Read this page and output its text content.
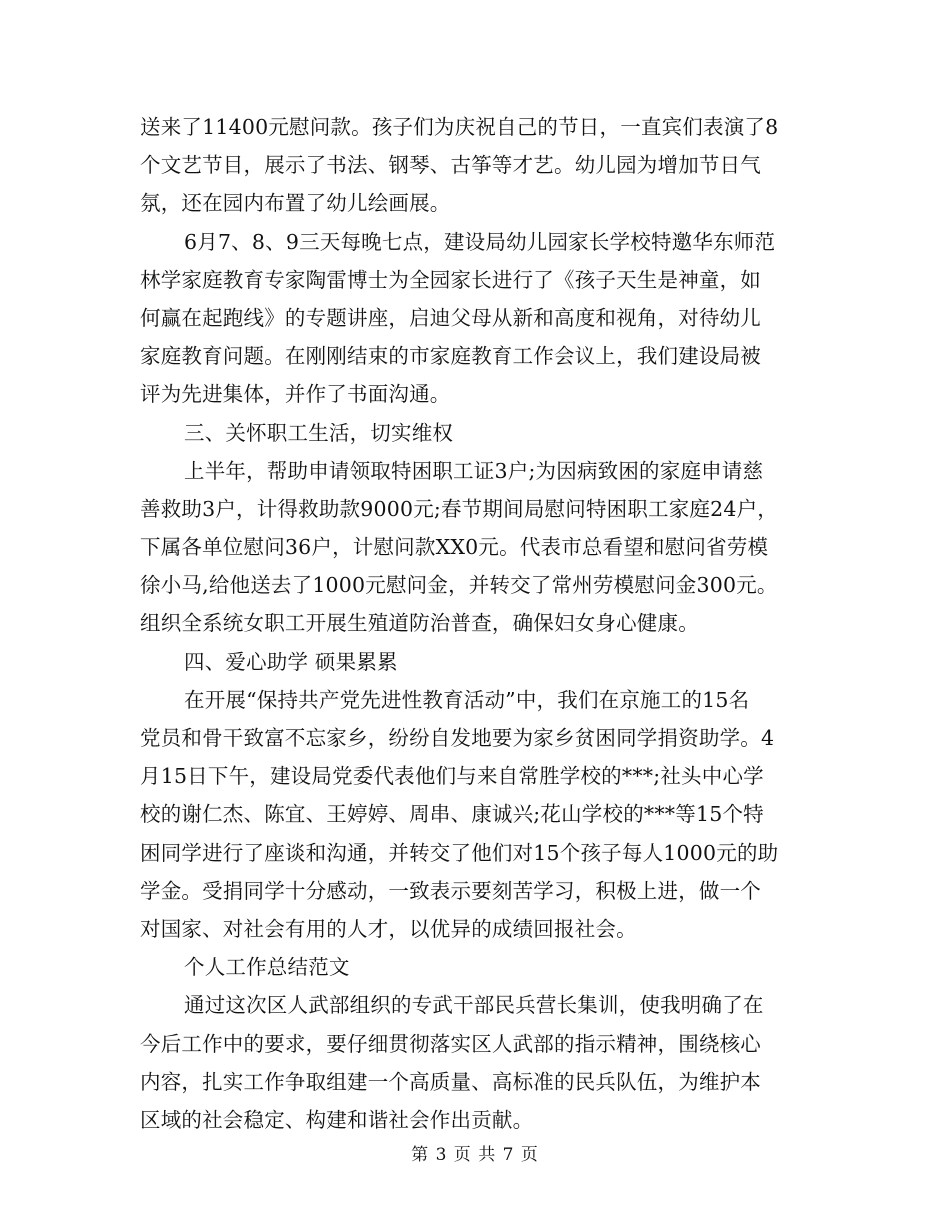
送来了11400元慰问款。孩子们为庆祝自己的节日，一直宾们表演了8
个文艺节目，展示了书法、钢琴、古筝等才艺。幼儿园为增加节日气
氛，还在园内布置了幼儿绘画展。
6月7、8、9三天每晚七点，建设局幼儿园家长学校特邀华东师范
林学家庭教育专家陶雷博士为全园家长进行了《孩子天生是神童，如
何赢在起跑线》的专题讲座，启迪父母从新和高度和视角，对待幼儿
家庭教育问题。在刚刚结束的市家庭教育工作会议上，我们建设局被
评为先进集体，并作了书面沟通。
三、关怀职工生活，切实维权
上半年，帮助申请领取特困职工证3户;为因病致困的家庭申请慈
善救助3户，计得救助款9000元;春节期间局慰问特困职工家庭24户，
下属各单位慰问36户，计慰问款XX0元。代表市总看望和慰问省劳模
徐小马,给他送去了1000元慰问金，并转交了常州劳模慰问金300元。
组织全系统女职工开展生殖道防治普查，确保妇女身心健康。
四、爱心助学 硕果累累
在开展“保持共产党先进性教育活动”中，我们在京施工的15名
党员和骨干致富不忘家乡，纷纷自发地要为家乡贫困同学捐资助学。4
月15日下午，建设局党委代表他们与来自常胜学校的***;社头中心学
校的谢仁杰、陈宜、王婷婷、周串、康诚兴;花山学校的***等15个特
困同学进行了座谈和沟通，并转交了他们对15个孩子每人1000元的助
学金。受捐同学十分感动，一致表示要刻苦学习，积极上进，做一个
对国家、对社会有用的人才，以优异的成绩回报社会。
个人工作总结范文
通过这次区人武部组织的专武干部民兵营长集训，使我明确了在
今后工作中的要求，要仔细贯彻落实区人武部的指示精神，围绕核心
内容，扎实工作争取组建一个高质量、高标准的民兵队伍，为维护本
区域的社会稳定、构建和谐社会作出贡献。
第 3 页 共 7 页
